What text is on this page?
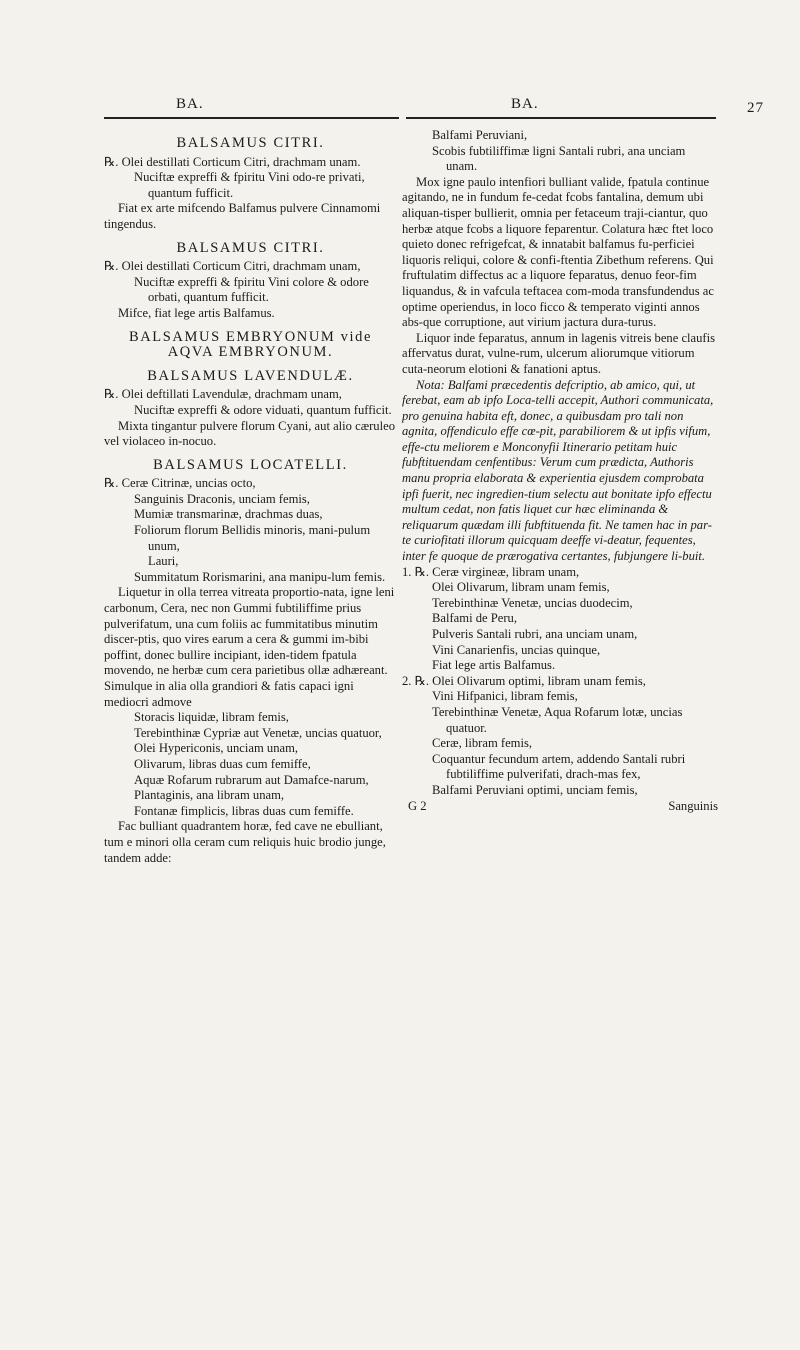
BA.	BA.	27

BALSAMUS CITRI.

℞. Olei destillati Corticum Citri, drachmam unam.

Nuciftæ expreffi & fpiritu Vini odo-re privati, quantum fufficit.

Fiat ex arte mifcendo Balfamus pulvere Cinnamomi tingendus.

BALSAMUS CITRI.

℞. Olei destillati Corticum Citri, drachmam unam,

Nuciftæ expreffi & fpiritu Vini colore & odore orbati, quantum fufficit.

Mifce, fiat lege artis Balfamus.

BALSAMUS EMBRYONUM vide AQVA EMBRYONUM.

BALSAMUS LAVENDULÆ.

℞. Olei deftillati Lavendulæ, drachmam unam,

Nuciftæ expreffi & odore viduati, quantum fufficit.

Mixta tingantur pulvere florum Cyani, aut alio cæruleo vel violaceo in-nocuo.

BALSAMUS LOCATELLI.

℞. Ceræ Citrinæ, uncias octo,

Sanguinis Draconis, unciam femis,

Mumiæ transmarinæ, drachmas duas,

Foliorum florum Bellidis minoris, mani-pulum unum,

Lauri,

Summitatum Rorismarini, ana manipu-lum femis.

Liquetur in olla terrea vitreata proportio-nata, igne leni carbonum, Cera, nec non Gummi fubtiliffime prius pulverifatum, una cum foliis ac fummitatibus minutim discer-ptis, quo vires earum a cera & gummi im-bibi poffint, donec bullire incipiant, iden-tidem fpatula movendo, ne herbæ cum cera parietibus ollæ adhæreant. Simulque in alia olla grandiori & fatis capaci igni mediocri admove

Storacis liquidæ, libram femis,

Terebinthinæ Cypriæ aut Venetæ, uncias quatuor,

Olei Hypericonis, unciam unam,

Olivarum, libras duas cum femiffe,

Aquæ Rofarum rubrarum aut Damafce-narum,

Plantaginis, ana libram unam,

Fontanæ fimplicis, libras duas cum femiffe.

Fac bulliant quadrantem horæ, fed cave ne ebulliant, tum e minori olla ceram cum reliquis huic brodio junge, tandem adde:

Balfami Peruviani,

Scobis fubtiliffimæ ligni Santali rubri, ana unciam unam.

Mox igne paulo intenfiori bulliant valide, fpatula continue agitando, ne in fundum fe-cedat fcobs fantalina, demum ubi aliquan-tisper bullierit, omnia per fetaceum traji-ciantur, quo herbæ atque fcobs a liquore feparentur. Colatura hæc ftet loco quieto donec refrigefcat, & innatabit balfamus fu-perficiei liquoris reliqui, colore & confi-ftentia Zibethum referens. Qui fruftulatim diffectus ac a liquore feparatus, denuo feor-fim liquandus, & in vafcula teftacea com-moda transfundendus ac optime operiendus, in loco ficco & temperato viginti annos abs-que corruptione, aut virium jactura dura-turus.

Liquor inde feparatus, annum in lagenis vitreis bene claufis affervatus durat, vulne-rum, ulcerum aliorumque vitiorum cuta-neorum elotioni & fanationi aptus.

Nota: Balfami præcedentis defcriptio, ab amico, qui, ut ferebat, eam ab ipfo Loca-telli accepit, Authori communicata, pro genuina habita eft, donec, a quibusdam pro tali non agnita, offendiculo effe cœ-pit, parabiliorem & ut ipfis vifum, effe-ctu meliorem e Monconyfii Itinerario petitam huic fubftituendam cenfentibus: Verum cum prædicta, Authoris manu propria elaborata & experientia ejusdem comprobata ipfi fuerit, nec ingredien-tium selectu aut bonitate ipfo effectu multum cedat, non fatis liquet cur hæc eliminanda & reliquarum quædam illi fubftituenda fit. Ne tamen hac in par-te curiofitati illorum quicquam deeffe vi-deatur, fequentes, inter fe quoque de prærogativa certantes, fubjungere li-buit.

1. ℞. Ceræ virgineæ, libram unam,

Olei Olivarum, libram unam femis,

Terebinthinæ Venetæ, uncias duodecim,

Balfami de Peru,

Pulveris Santali rubri, ana unciam unam,

Vini Canarienfis, uncias quinque,

Fiat lege artis Balfamus.

2. ℞. Olei Olivarum optimi, libram unam femis,

Vini Hifpanici, libram femis,

Terebinthinæ Venetæ, Aqua Rofarum lotæ, uncias quatuor.

Ceræ, libram femis,

Coquantur fecundum artem, addendo Santali rubri fubtiliffime pulverifati, drach-mas fex,

Balfami Peruviani optimi, unciam femis,

G 2	Sanguinis
